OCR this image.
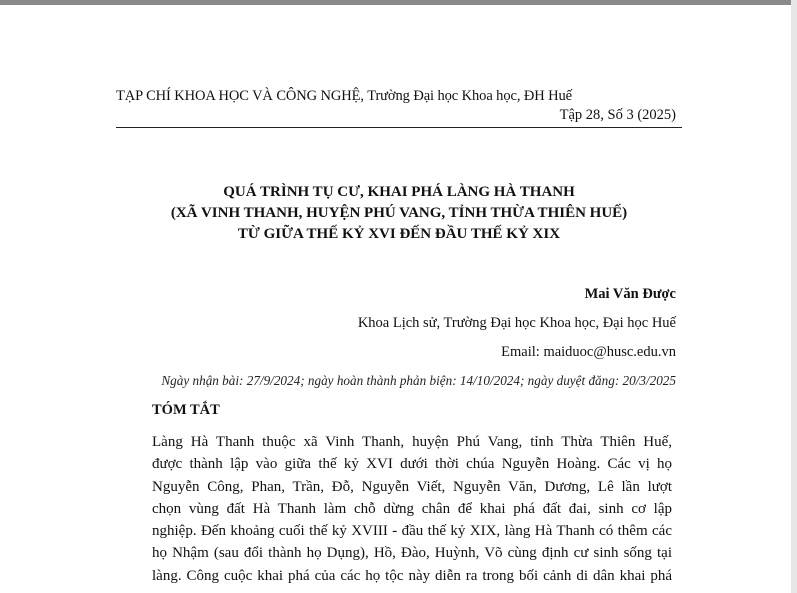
TẠP CHÍ KHOA HỌC VÀ CÔNG NGHỆ, Trường Đại học Khoa học, ĐH Huế
Tập 28, Số 3 (2025)
QUÁ TRÌNH TỤ CƯ, KHAI PHÁ LÀNG HÀ THANH
(XÃ VINH THANH, HUYỆN PHÚ VANG, TỈNH THỪA THIÊN HUẾ)
TỪ GIỮA THẾ KỶ XVI ĐẾN ĐẦU THẾ KỶ XIX
Mai Văn Được
Khoa Lịch sử, Trường Đại học Khoa học, Đại học Huế
Email: maiduoc@husc.edu.vn
Ngày nhận bài: 27/9/2024; ngày hoàn thành phản biện: 14/10/2024; ngày duyệt đăng: 20/3/2025
TÓM TẮT
Làng Hà Thanh thuộc xã Vinh Thanh, huyện Phú Vang, tỉnh Thừa Thiên Huế,
được thành lập vào giữa thế kỷ XVI dưới thời chúa Nguyễn Hoàng. Các vị họ
Nguyễn Công, Phan, Trần, Đỗ, Nguyễn Viết, Nguyễn Văn, Dương, Lê lần lượt
chọn vùng đất Hà Thanh làm chỗ dừng chân để khai phá đất đai, sinh cơ lập
nghiệp. Đến khoảng cuối thế kỷ XVIII - đầu thế kỷ XIX, làng Hà Thanh có thêm các
họ Nhậm (sau đổi thành họ Dụng), Hồ, Đào, Huỳnh, Võ cùng định cư sinh sống tại
làng. Công cuộc khai phá của các họ tộc này diễn ra trong bối cảnh di dân khai phá
